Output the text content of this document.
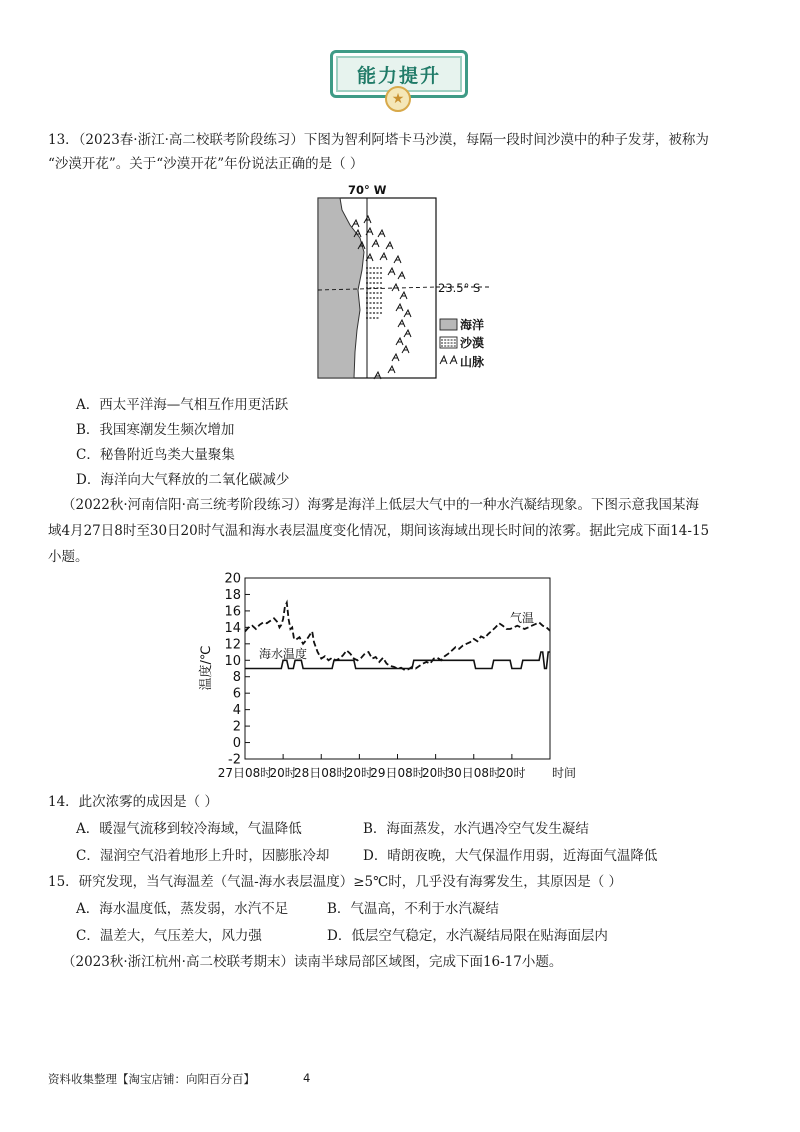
能力提升
★
13．（2023春·浙江·高二校联考阶段练习）下图为智利阿塔卡马沙漠，每隔一段时间沙漠中的种子发芽，被称为
“沙漠开花”。关于“沙漠开花”年份说法正确的是（ ）
70° W
23.5° S
海洋
沙漠
山脉
A．西太平洋海—气相互作用更活跃
B．我国寒潮发生频次增加
C．秘鲁附近鸟类大量聚集
D．海洋向大气释放的二氧化碳减少
（2022秋·河南信阳·高三统考阶段练习）海雾是海洋上低层大气中的一种水汽凝结现象。下图示意我国某海
域4月27日8时至30日20时气温和海水表层温度变化情况，期间该海域出现长时间的浓雾。据此完成下面14-15
小题。
20
18
16
14
12
10
8
6
4
2
0
-2
27日08时
20时
28日08时
20时
29日08时
20时
30日08时
20时 时间
温度/℃	海水温度
气温
14．此次浓雾的成因是（ ）
A．暖湿气流移到较冷海域，气温降低	B．海面蒸发，水汽遇冷空气发生凝结
C．湿润空气沿着地形上升时，因膨胀冷却 D．晴朗夜晚，大气保温作用弱，近海面气温降低
15．研究发现，当气海温差（气温-海水表层温度）≥5℃时，几乎没有海雾发生，其原因是（ ）
A．海水温度低，蒸发弱，水汽不足	B．气温高，不利于水汽凝结
C．温差大，气压差大，风力强	D．低层空气稳定，水汽凝结局限在贴海面层内
（2023秋·浙江杭州·高二校联考期末）读南半球局部区域图，完成下面16-17小题。
资料收集整理【淘宝店铺：向阳百分百】	4
